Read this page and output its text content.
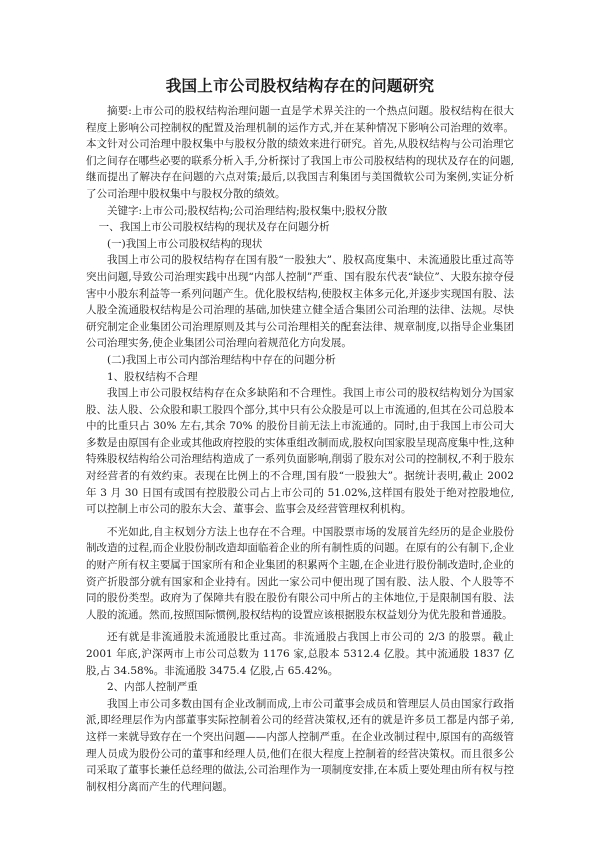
我国上市公司股权结构存在的问题研究

摘要:上市公司的股权结构治理问题一直是学术界关注的一个热点问题。股权结构在很大程度上影响公司控制权的配置及治理机制的运作方式,并在某种情况下影响公司治理的效率。本文针对公司治理中股权集中与股权分散的绩效来进行研究。首先,从股权结构与公司治理它们之间存在哪些必要的联系分析入手,分析探讨了我国上市公司股权结构的现状及存在的问题,继而提出了解决存在问题的六点对策;最后,以我国吉利集团与美国微软公司为案例,实证分析了公司治理中股权集中与股权分散的绩效。

关键字:上市公司;股权结构;公司治理结构;股权集中;股权分散

一、我国上市公司股权结构的现状及存在问题分析

(一)我国上市公司股权结构的现状

我国上市公司的股权结构存在国有股“一股独大”、股权高度集中、未流通股比重过高等突出问题,导致公司治理实践中出现“内部人控制”严重、国有股东代表“缺位”、大股东掠夺侵害中小股东利益等一系列问题产生。优化股权结构,使股权主体多元化,并逐步实现国有股、法人股全流通股权结构是公司治理的基础,加快建立健全适合集团公司治理的法律、法规。尽快研究制定企业集团公司治理原则及其与公司治理相关的配套法律、规章制度,以指导企业集团公司治理实务,使企业集团公司治理向着规范化方向发展。

(二)我国上市公司内部治理结构中存在的问题分析

1、股权结构不合理

我国上市公司股权结构存在众多缺陷和不合理性。我国上市公司的股权结构划分为国家股、法人股、公众股和职工股四个部分,其中只有公众股是可以上市流通的,但其在公司总股本中的比重只占 30% 左右,其余 70% 的股份目前无法上市流通的。同时,由于我国上市公司大多数是由原国有企业或其他政府控股的实体重组改制而成,股权向国家股呈现高度集中性,这种特殊股权结构给公司治理结构造成了一系列负面影响,削弱了股东对公司的控制权,不利于股东对经营者的有效约束。表现在比例上的不合理,国有股“一股独大”。据统计表明,截止 2002 年 3 月 30 日国有或国有控股股公司占上市公司的 51.02%,这样国有股处于绝对控股地位,可以控制上市公司的股东大会、董事会、监事会及经营管理权利机构。

不光如此,自主权划分方法上也存在不合理。中国股票市场的发展首先经历的是企业股份制改造的过程,而企业股份制改造却面临着企业的所有制性质的问题。在原有的公有制下,企业的财产所有权主要属于国家所有和企业集团的积累两个主题,在企业进行股份制改造时,企业的资产折股部分就有国家和企业持有。因此一家公司中便出现了国有股、法人股、个人股等不同的股份类型。政府为了保障共有股在股份有限公司中所占的主体地位,于是限制国有股、法人股的流通。然而,按照国际惯例,股权结构的设置应该根据股东权益划分为优先股和普通股。

还有就是非流通股未流通股比重过高。非流通股占我国上市公司的 2/3 的股票。截止 2001 年底,沪深两市上市公司总数为 1176 家,总股本 5312.4 亿股。其中流通股 1837 亿股,占 34.58%。非流通股 3475.4 亿股,占 65.42%。

2、内部人控制严重

我国上市公司多数由国有企业改制而成,上市公司董事会成员和管理层人员由国家行政指派,即经理层作为内部董事实际控制着公司的经营决策权,还有的就是许多员工都是内部子弟,这样一来就导致存在一个突出问题——内部人控制严重。在企业改制过程中,原国有的高级管理人员成为股份公司的董事和经理人员,他们在很大程度上控制着的经营决策权。而且很多公司采取了董事长兼任总经理的做法,公司治理作为一项制度安排,在本质上要处理由所有权与控制权相分离而产生的代理问题。
